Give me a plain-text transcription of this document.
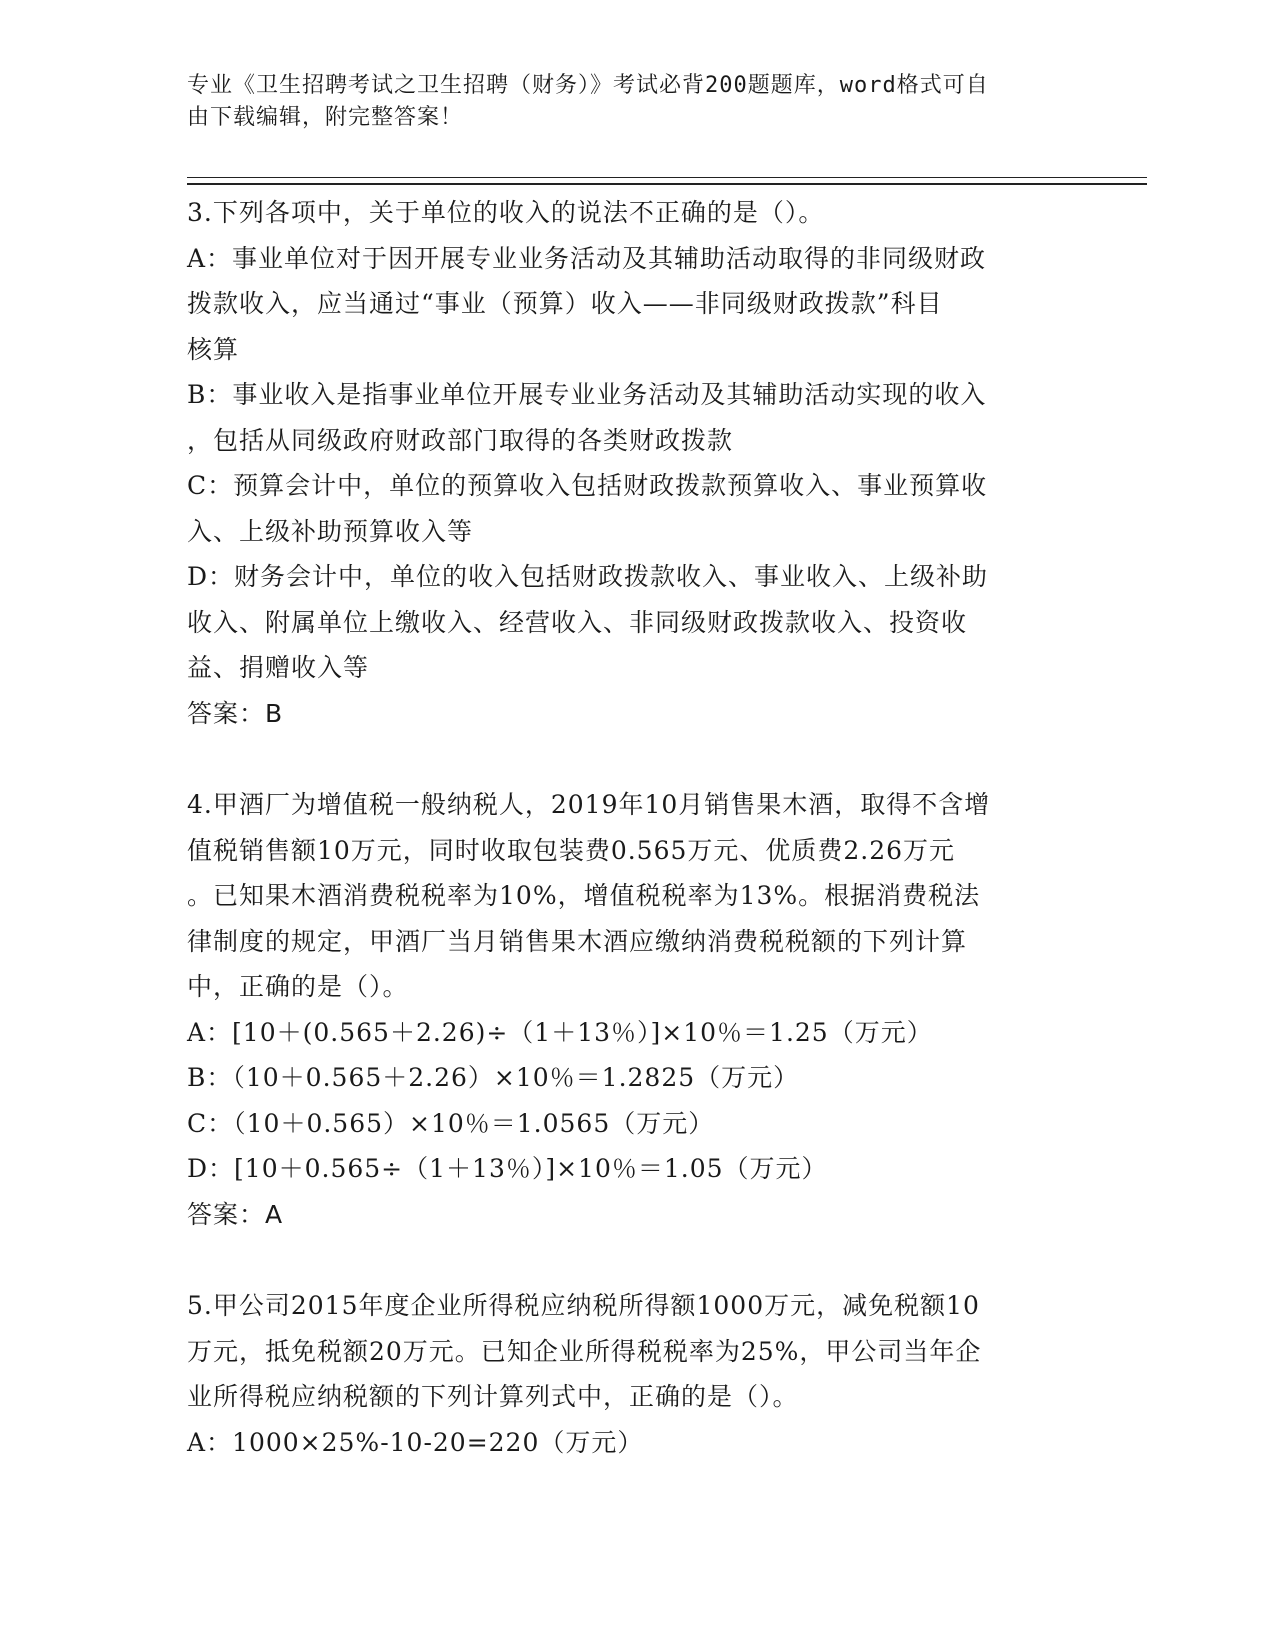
专业《卫生招聘考试之卫生招聘（财务）》考试必背200题题库，word格式可自
由下载编辑，附完整答案！
3.下列各项中，关于单位的收入的说法不正确的是（）。
A：事业单位对于因开展专业业务活动及其辅助活动取得的非同级财政
拨款收入，应当通过“事业（预算）收入——非同级财政拨款”科目
核算
B：事业收入是指事业单位开展专业业务活动及其辅助活动实现的收入
，包括从同级政府财政部门取得的各类财政拨款
C：预算会计中，单位的预算收入包括财政拨款预算收入、事业预算收
入、上级补助预算收入等
D：财务会计中，单位的收入包括财政拨款收入、事业收入、上级补助
收入、附属单位上缴收入、经营收入、非同级财政拨款收入、投资收
益、捐赠收入等
答案：B
4.甲酒厂为增值税一般纳税人，2019年10月销售果木酒，取得不含增
值税销售额10万元，同时收取包装费0.565万元、优质费2.26万元
。已知果木酒消费税税率为10%，增值税税率为13%。根据消费税法
律制度的规定，甲酒厂当月销售果木酒应缴纳消费税税额的下列计算
中，正确的是（）。
A：[10＋(0.565＋2.26)÷（1＋13％）]×10％＝1.25（万元）
B：（10＋0.565＋2.26）×10％＝1.2825（万元）
C：（10＋0.565）×10％＝1.0565（万元）
D：[10＋0.565÷（1＋13％）]×10％＝1.05（万元）
答案：A
5.甲公司2015年度企业所得税应纳税所得额1000万元，减免税额10
万元，抵免税额20万元。已知企业所得税税率为25%，甲公司当年企
业所得税应纳税额的下列计算列式中，正确的是（）。
A：1000×25%-10-20=220（万元）
